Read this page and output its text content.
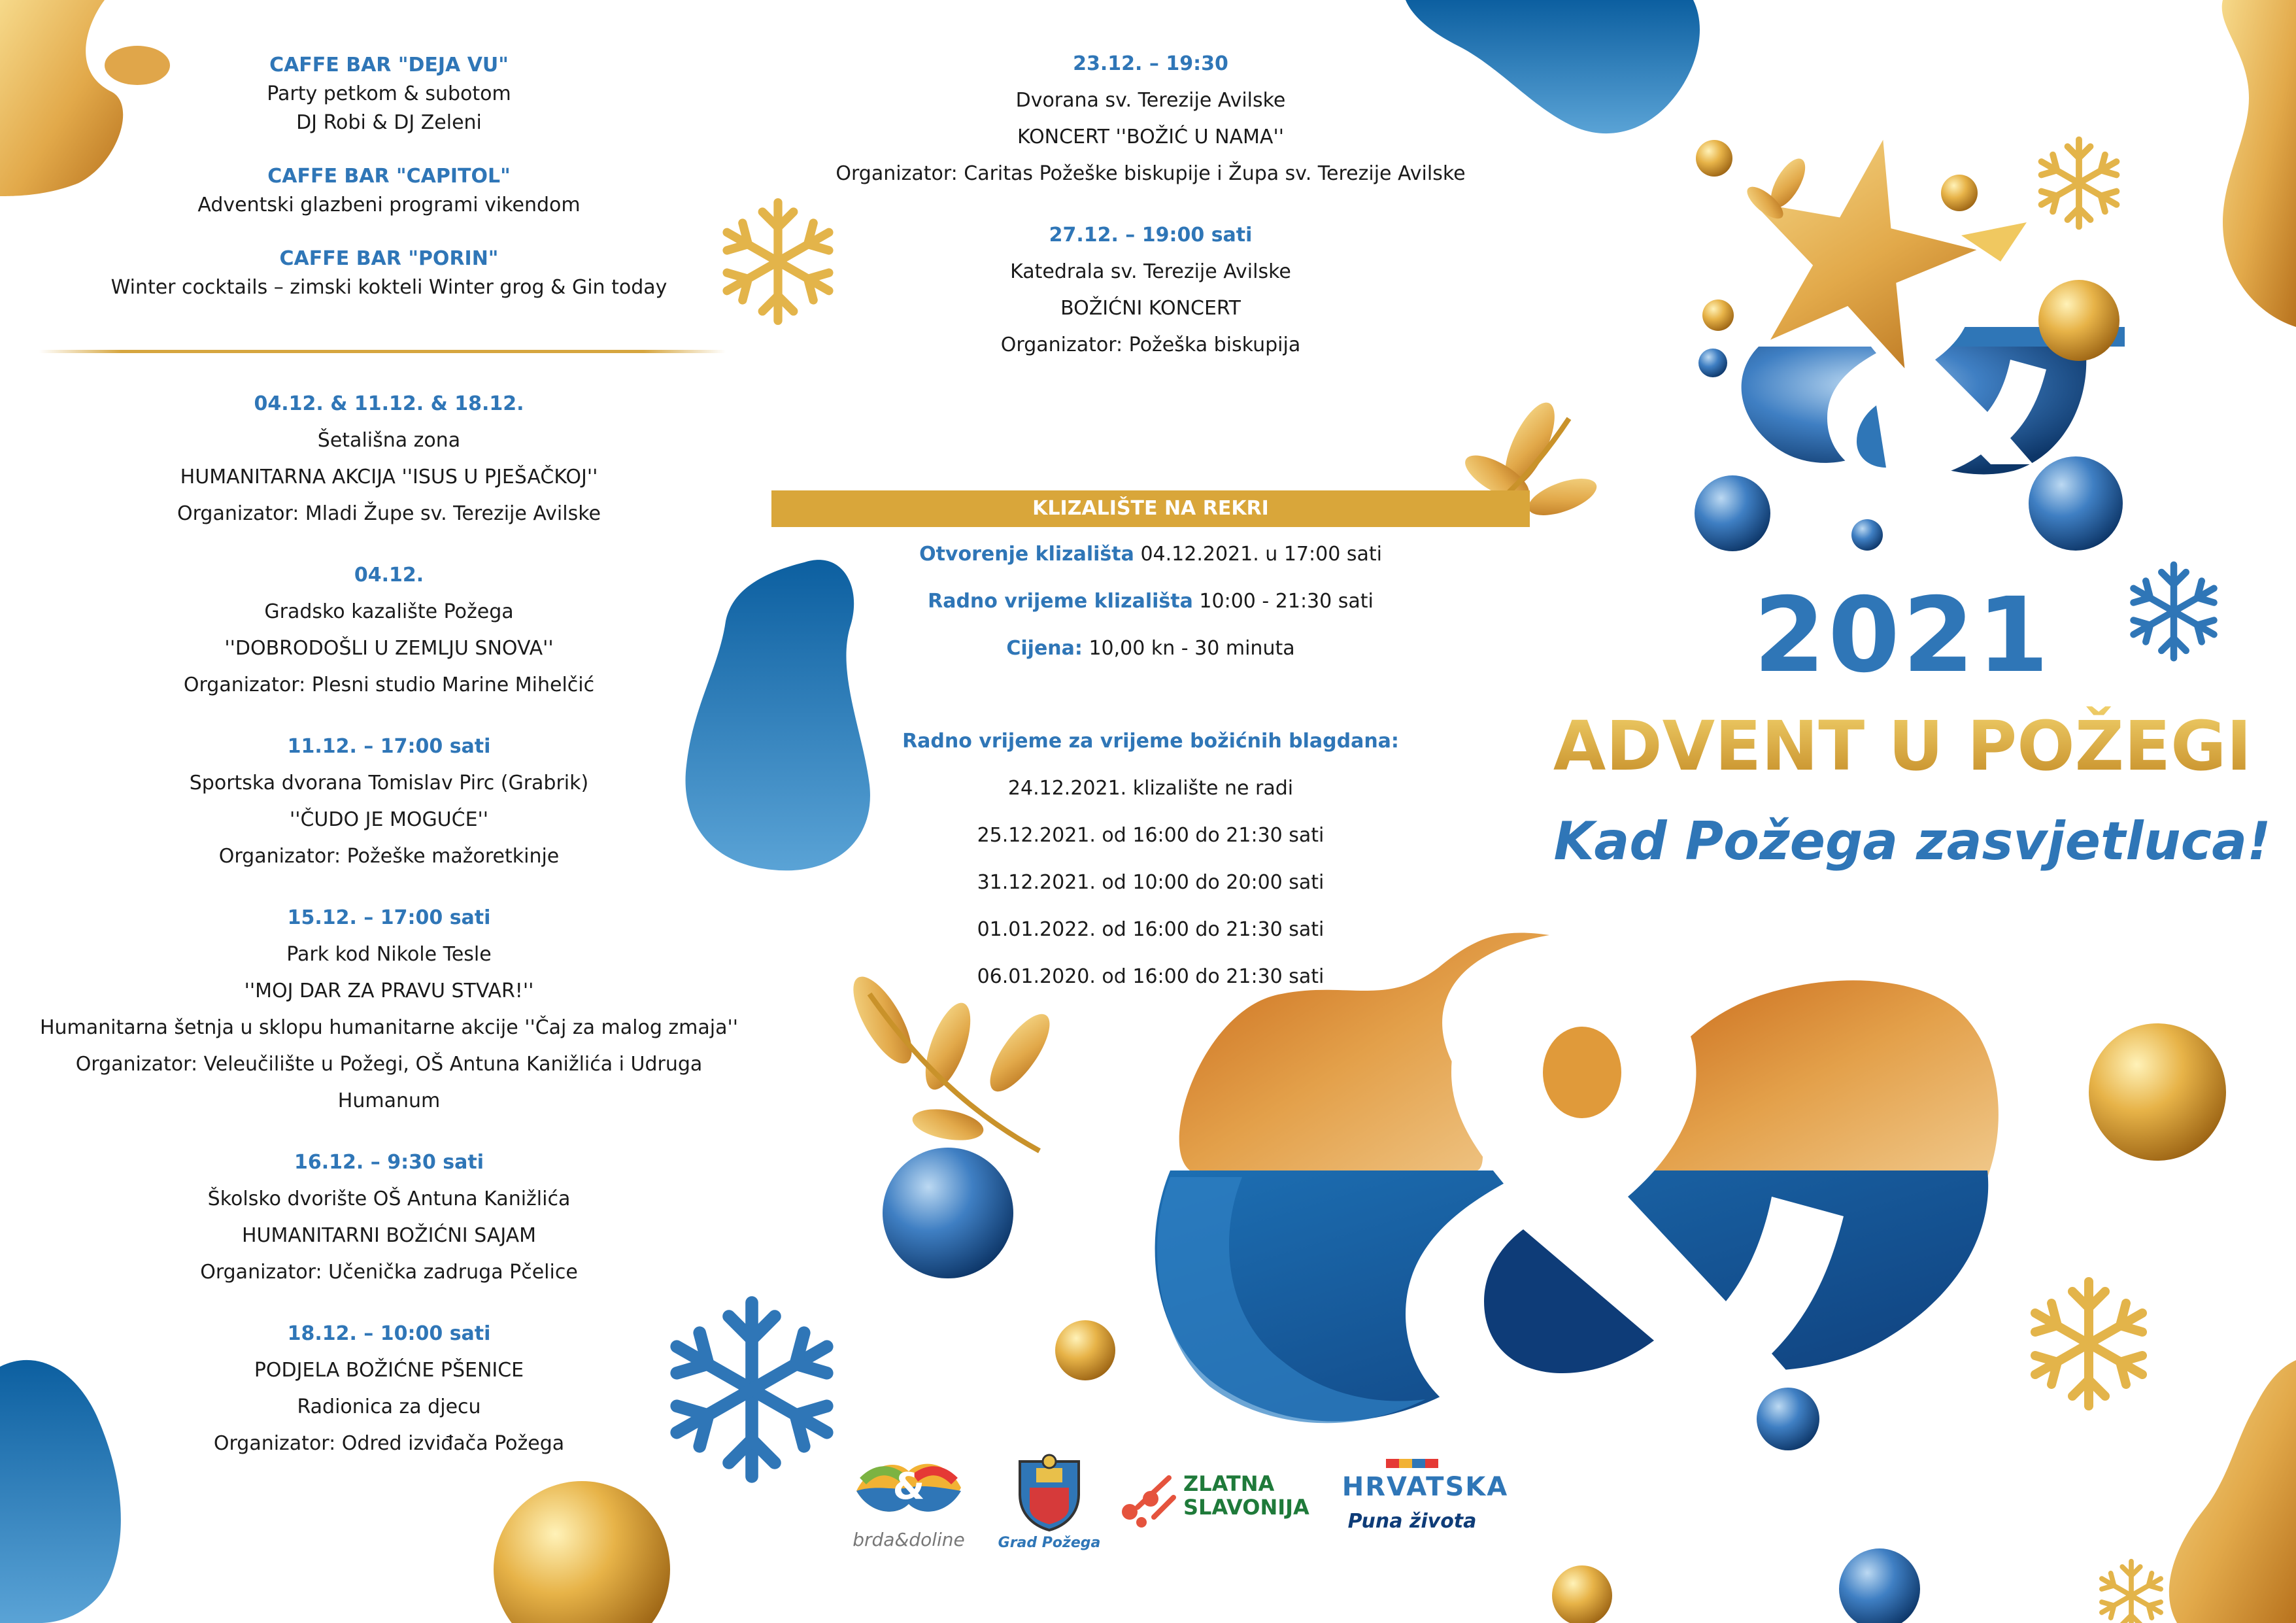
CAFFE BAR "DEJA VU"
Party petkom & subotom
DJ Robi & DJ Zeleni
CAFFE BAR "CAPITOL"
Adventski glazbeni programi vikendom
CAFFE BAR "PORIN"
Winter cocktails – zimski kokteli Winter grog & Gin today
04.12. & 11.12. & 18.12.
Šetališna zona
HUMANITARNA AKCIJA ''ISUS U PJEŠAČKOJ''
Organizator: Mladi Župe sv. Terezije Avilske
04.12.
Gradsko kazalište Požega
''DOBRODOŠLI U ZEMLJU SNOVA''
Organizator: Plesni studio Marine Mihelčić
11.12. – 17:00 sati
Sportska dvorana Tomislav Pirc (Grabrik)
''ČUDO JE MOGUĆE''
Organizator: Požeške mažoretkinje
15.12. – 17:00 sati
Park kod Nikole Tesle
''MOJ DAR ZA PRAVU STVAR!''
Humanitarna šetnja u sklopu humanitarne akcije ''Čaj za malog zmaja''
Organizator: Veleučilište u Požegi, OŠ Antuna Kanižlića i Udruga Humanum
16.12. – 9:30 sati
Školsko dvorište OŠ Antuna Kanižlića
HUMANITARNI BOŽIĆNI SAJAM
Organizator: Učenička zadruga Pčelice
18.12. – 10:00 sati
PODJELA BOŽIĆNE PŠENICE
Radionica za djecu
Organizator: Odred izviđača Požega
23.12. – 19:30
Dvorana sv. Terezije Avilske
KONCERT ''BOŽIĆ U NAMA''
Organizator: Caritas Požeške biskupije i Župa sv. Terezije Avilske
27.12. – 19:00 sati
Katedrala sv. Terezije Avilske
BOŽIĆNI KONCERT
Organizator: Požeška biskupija
KLIZALIŠTE NA REKRI
Otvorenje klizališta 04.12.2021. u 17:00 sati
Radno vrijeme klizališta 10:00 - 21:30 sati
Cijena: 10,00 kn - 30 minuta
Radno vrijeme za vrijeme božićnih blagdana:
24.12.2021. klizalište ne radi
25.12.2021. od 16:00 do 21:30 sati
31.12.2021. od 10:00 do 20:00 sati
01.01.2022. od 16:00 do 21:30 sati
06.01.2020. od 16:00 do 21:30 sati
2021
ADVENT U POŽEGI
Kad Požega zasvjetluca!
&
brda&doline	Grad Požega
ZLATNA
SLAVONIJA
HRVATSKA
Puna života
